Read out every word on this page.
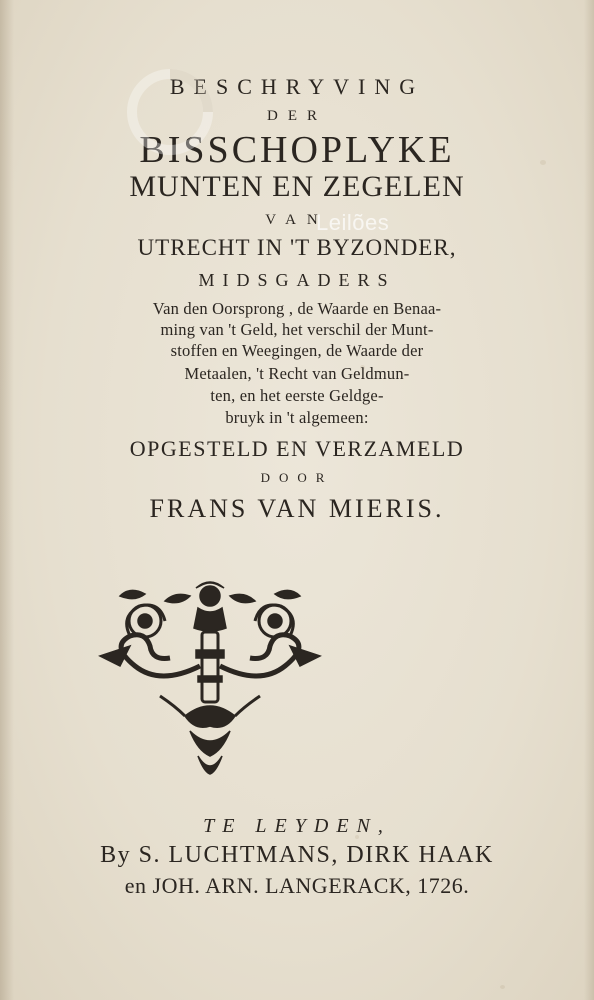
BESCHRYVING
DER
BISSCHOPLYKE
MUNTEN EN ZEGELEN
VAN
UTRECHT IN 'T BYZONDER,
MIDSGADERS
Van den Oorsprong , de Waarde en Benaa-
ming van 't Geld, het verschil der Munt-
stoffen en Weegingen, de Waarde der
Metaalen, 't Recht van Geldmun-
ten, en het eerste Geldge-
bruyk in 't algemeen:
OPGESTELD EN VERZAMELD
DOOR
FRANS VAN MIERIS.
TE LEYDEN,
By S. LUCHTMANS, DIRK HAAK
en JOH. ARN. LANGERACK, 1726.
Leilões
